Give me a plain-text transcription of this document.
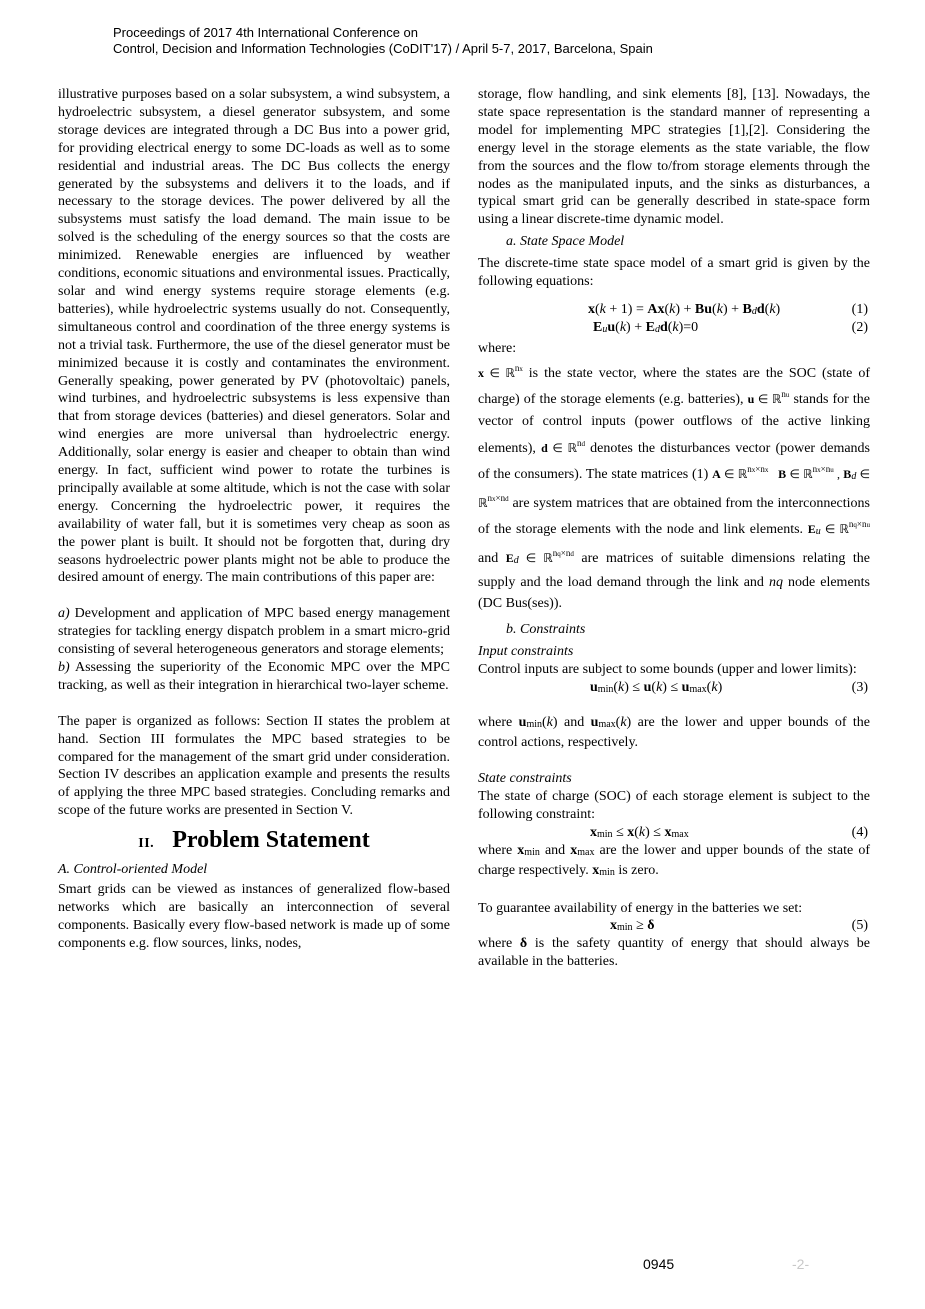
Proceedings of 2017 4th International Conference on
Control, Decision and Information Technologies (CoDIT'17) / April 5-7, 2017, Barcelona, Spain

illustrative purposes based on a solar subsystem, a wind subsystem, a hydroelectric subsystem, a diesel generator subsystem, and some storage devices are integrated through a DC Bus into a power grid, for providing electrical energy to some DC-loads as well as to some residential and industrial areas. The DC Bus collects the energy generated by the subsystems and delivers it to the loads, and if necessary to the storage devices. The power delivered by all the subsystems must satisfy the load demand. The main issue to be solved is the scheduling of the energy sources so that the costs are minimized. Renewable energies are influenced by weather conditions, economic situations and environmental issues. Practically, solar and wind energy systems require storage elements (e.g. batteries), while hydroelectric systems usually do not. Consequently, simultaneous control and coordination of the three energy systems is not a trivial task. Furthermore, the use of the diesel generator must be minimized because it is costly and contaminates the environment. Generally speaking, power generated by PV (photovoltaic) panels, wind turbines, and hydroelectric subsystems is less expensive than that from storage devices (batteries) and diesel generators. Solar and wind energies are more universal than hydroelectric energy. Additionally, solar energy is easier and cheaper to obtain than wind energy. In fact, sufficient wind power to rotate the turbines is principally available at some altitude, which is not the case with solar energy. Concerning the hydroelectric power, it requires the availability of water fall, but it is sometimes very cheap as soon as the power plant is built. It should not be forgotten that, during dry seasons hydroelectric power plants might not be able to produce the desired amount of energy. The main contributions of this paper are:

a) Development and application of MPC based energy management strategies for tackling energy dispatch problem in a smart micro-grid consisting of several heterogeneous generators and storage elements;

b) Assessing the superiority of the Economic MPC over the MPC tracking, as well as their integration in hierarchical two-layer scheme.

The paper is organized as follows: Section II states the problem at hand. Section III formulates the MPC based strategies to be compared for the management of the smart grid under consideration. Section IV describes an application example and presents the results of applying the three MPC based strategies. Concluding remarks and scope of the future works are presented in Section V.

II. Problem Statement
A. Control-oriented Model

Smart grids can be viewed as instances of generalized flow-based networks which are basically an interconnection of several components. Basically every flow-based network is made up of some components e.g. flow sources, links, nodes,

storage, flow handling, and sink elements [8], [13]. Nowadays, the state space representation is the standard manner of representing a model for implementing MPC strategies [1],[2]. Considering the energy level in the storage elements as the state variable, the flow from the sources and the flow to/from storage elements through the nodes as the manipulated inputs, and the sinks as disturbances, a typical smart grid can be generally described in state-space form using a linear discrete-time dynamic model.

a. State Space Model

The discrete-time state space model of a smart grid is given by the following equations:

x(k + 1) = Ax(k) + Bu(k) + Bdd(k)	(1)
Euu(k) + Edd(k)=0	(2)
where:

x ∈ ℝ$^{nx}$ is the state vector, where the states are the SOC (state of charge) of the storage elements (e.g. batteries), u ∈ ℝ$^{nu}$ stands for the vector of control inputs (power outflows of the active linking elements), d ∈ ℝ$^{nd}$ denotes the disturbances vector (power demands of the consumers). The state matrices (1) A ∈ ℝ$^{nx\times nx}$ B ∈ ℝ$^{nx\times nu}$ , Bd ∈ ℝ$^{nx\times nd}$ are system matrices that are obtained from the interconnections of the storage elements with the node and link elements. Eu ∈ ℝ$^{nq\times nu}$ and Ed ∈ ℝ$^{nq\times nd}$ are matrices of suitable dimensions relating the supply and the load demand through the link and nq node elements (DC Bus(ses)).

b. Constraints
Input constraints

Control inputs are subject to some bounds (upper and lower limits):

umin(k) ≤ u(k) ≤ umax(k)	(3)

where umin(k) and umax(k) are the lower and upper bounds of the control actions, respectively.

State constraints

The state of charge (SOC) of each storage element is subject to the following constraint:

xmin ≤ x(k) ≤ xmax	(4)

where xmin and xmax are the lower and upper bounds of the state of charge respectively. xmin is zero.

To guarantee availability of energy in the batteries we set:

xmin ≥ δ	(5)

where δ is the safety quantity of energy that should always be available in the batteries.

0945	-2-
